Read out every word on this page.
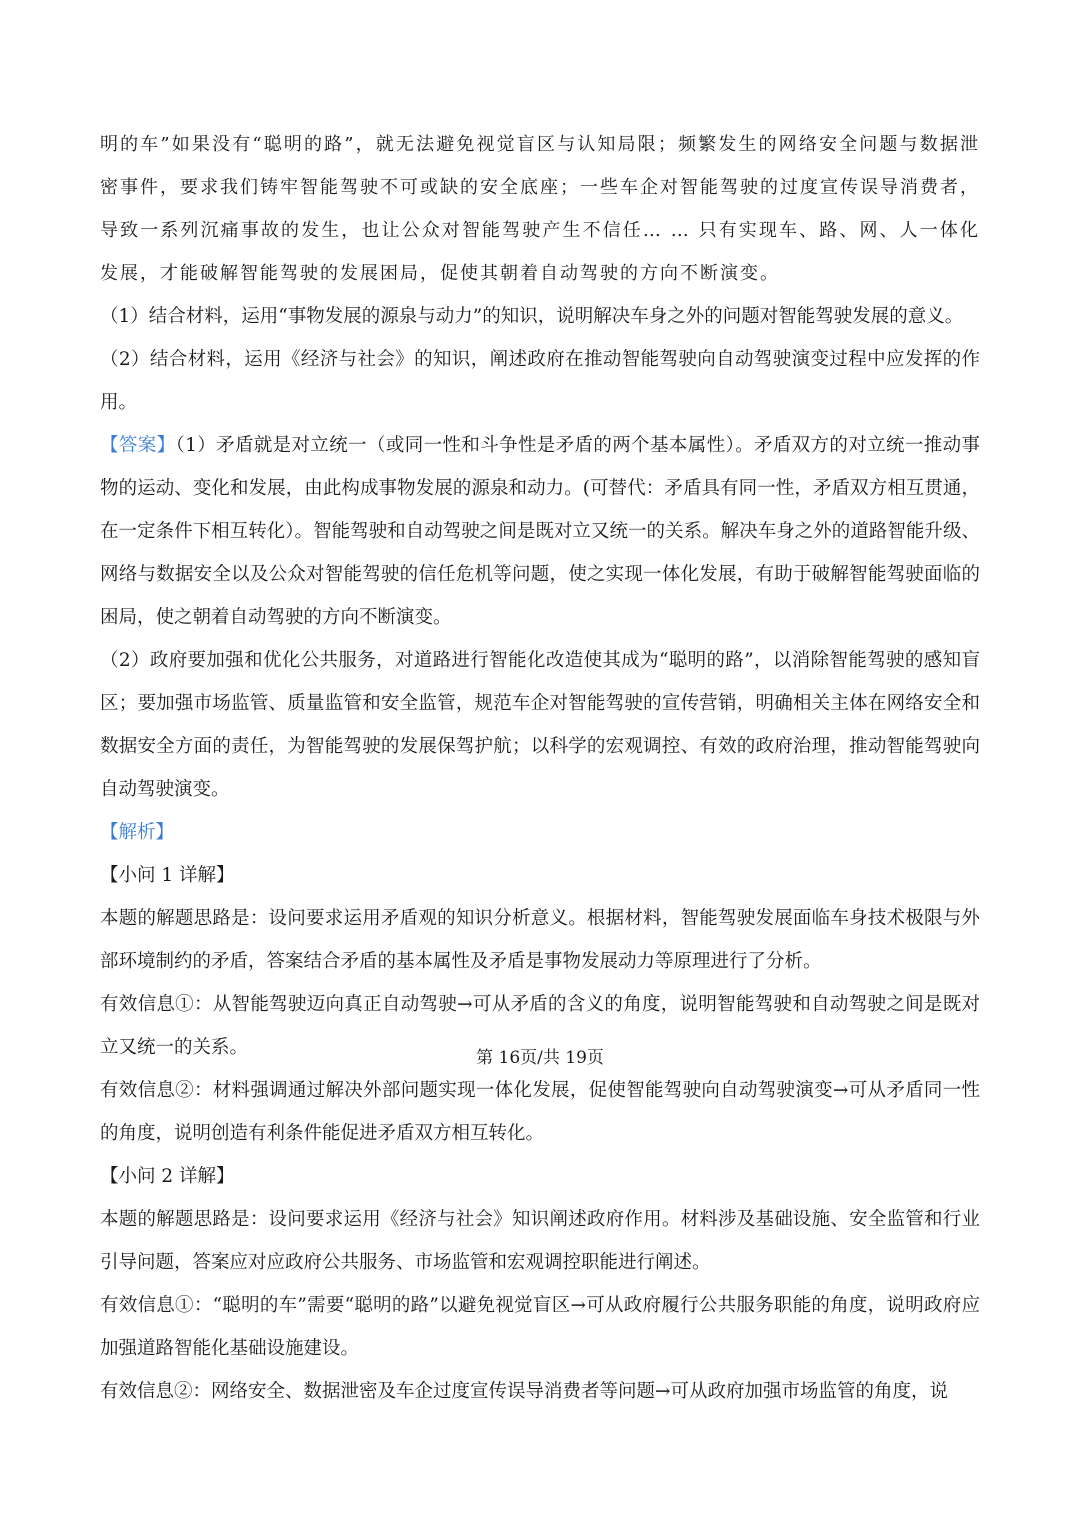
明的车”如果没有“聪明的路”，就无法避免视觉盲区与认知局限；频繁发生的网络安全问题与数据泄密事件，要求我们铸牢智能驾驶不可或缺的安全底座；一些车企对智能驾驶的过度宣传误导消费者，导致一系列沉痛事故的发生，也让公众对智能驾驶产生不信任… … 只有实现车、路、网、人一体化发展，才能破解智能驾驶的发展困局，促使其朝着自动驾驶的方向不断演变。

（1）结合材料，运用“事物发展的源泉与动力”的知识，说明解决车身之外的问题对智能驾驶发展的意义。

（2）结合材料，运用《经济与社会》的知识，阐述政府在推动智能驾驶向自动驾驶演变过程中应发挥的作用。

【答案】（1）矛盾就是对立统一（或同一性和斗争性是矛盾的两个基本属性）。矛盾双方的对立统一推动事物的运动、变化和发展，由此构成事物发展的源泉和动力。(可替代：矛盾具有同一性，矛盾双方相互贯通，在一定条件下相互转化）。智能驾驶和自动驾驶之间是既对立又统一的关系。解决车身之外的道路智能升级、网络与数据安全以及公众对智能驾驶的信任危机等问题，使之实现一体化发展，有助于破解智能驾驶面临的困局，使之朝着自动驾驶的方向不断演变。

（2）政府要加强和优化公共服务，对道路进行智能化改造使其成为“聪明的路”，以消除智能驾驶的感知盲区；要加强市场监管、质量监管和安全监管，规范车企对智能驾驶的宣传营销，明确相关主体在网络安全和数据安全方面的责任，为智能驾驶的发展保驾护航；以科学的宏观调控、有效的政府治理，推动智能驾驶向自动驾驶演变。

【解析】

【小问 1 详解】

本题的解题思路是：设问要求运用矛盾观的知识分析意义。根据材料，智能驾驶发展面临车身技术极限与外部环境制约的矛盾，答案结合矛盾的基本属性及矛盾是事物发展动力等原理进行了分析。

有效信息①：从智能驾驶迈向真正自动驾驶→可从矛盾的含义的角度，说明智能驾驶和自动驾驶之间是既对立又统一的关系。

有效信息②：材料强调通过解决外部问题实现一体化发展，促使智能驾驶向自动驾驶演变→可从矛盾同一性的角度，说明创造有利条件能促进矛盾双方相互转化。

【小问 2 详解】

本题的解题思路是：设问要求运用《经济与社会》知识阐述政府作用。材料涉及基础设施、安全监管和行业引导问题，答案应对应政府公共服务、市场监管和宏观调控职能进行阐述。

有效信息①：“聪明的车”需要“聪明的路”以避免视觉盲区→可从政府履行公共服务职能的角度，说明政府应加强道路智能化基础设施建设。

有效信息②：网络安全、数据泄密及车企过度宣传误导消费者等问题→可从政府加强市场监管的角度，说

第 16页/共 19页
